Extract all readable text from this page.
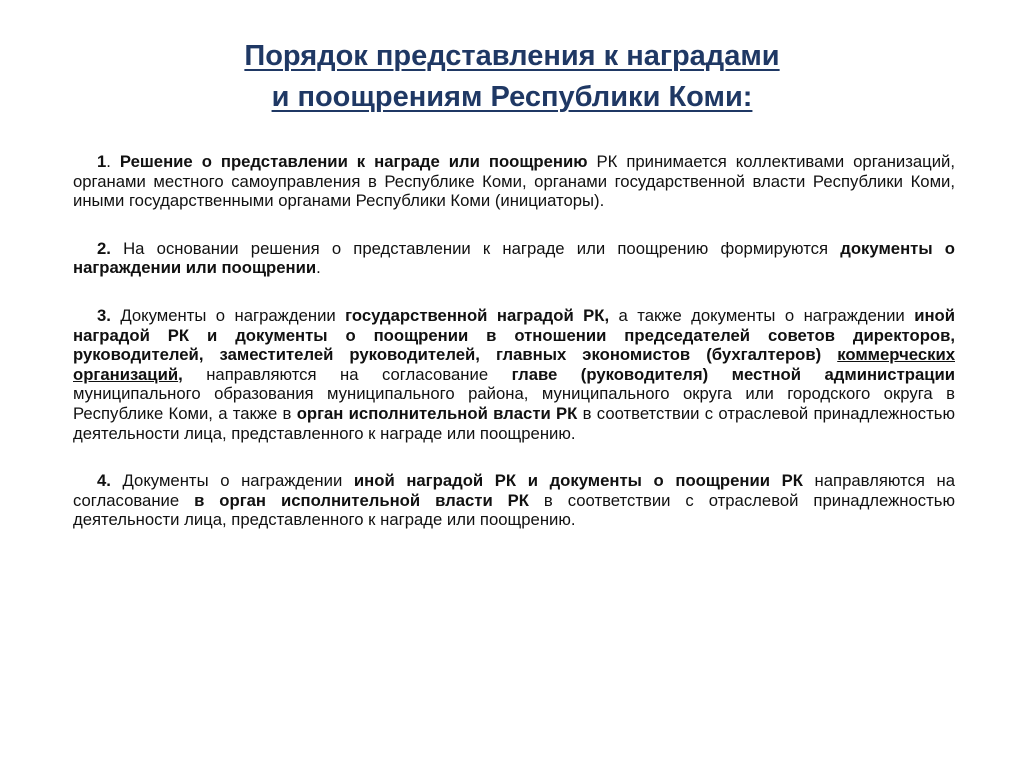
Порядок представления к наградами
и поощрениям Республики Коми:

1. Решение о представлении к награде или поощрению РК принимается коллективами организаций, органами местного самоуправления в Республике Коми, органами государственной власти Республики Коми, иными государственными органами Республики Коми (инициаторы).

2. На основании решения о представлении к награде или поощрению формируются документы о награждении или поощрении.

3. Документы о награждении государственной наградой РК, а также документы о награждении иной наградой РК и документы о поощрении в отношении председателей советов директоров, руководителей, заместителей руководителей, главных экономистов (бухгалтеров) коммерческих организаций, направляются на согласование главе (руководителя) местной администрации муниципального образования муниципального района, муниципального округа или городского округа в Республике Коми, а также в орган исполнительной власти РК в соответствии с отраслевой принадлежностью деятельности лица, представленного к награде или поощрению.

4. Документы о награждении иной наградой РК и документы о поощрении РК направляются на согласование в орган исполнительной власти РК в соответствии с отраслевой принадлежностью деятельности лица, представленного к награде или поощрению.
